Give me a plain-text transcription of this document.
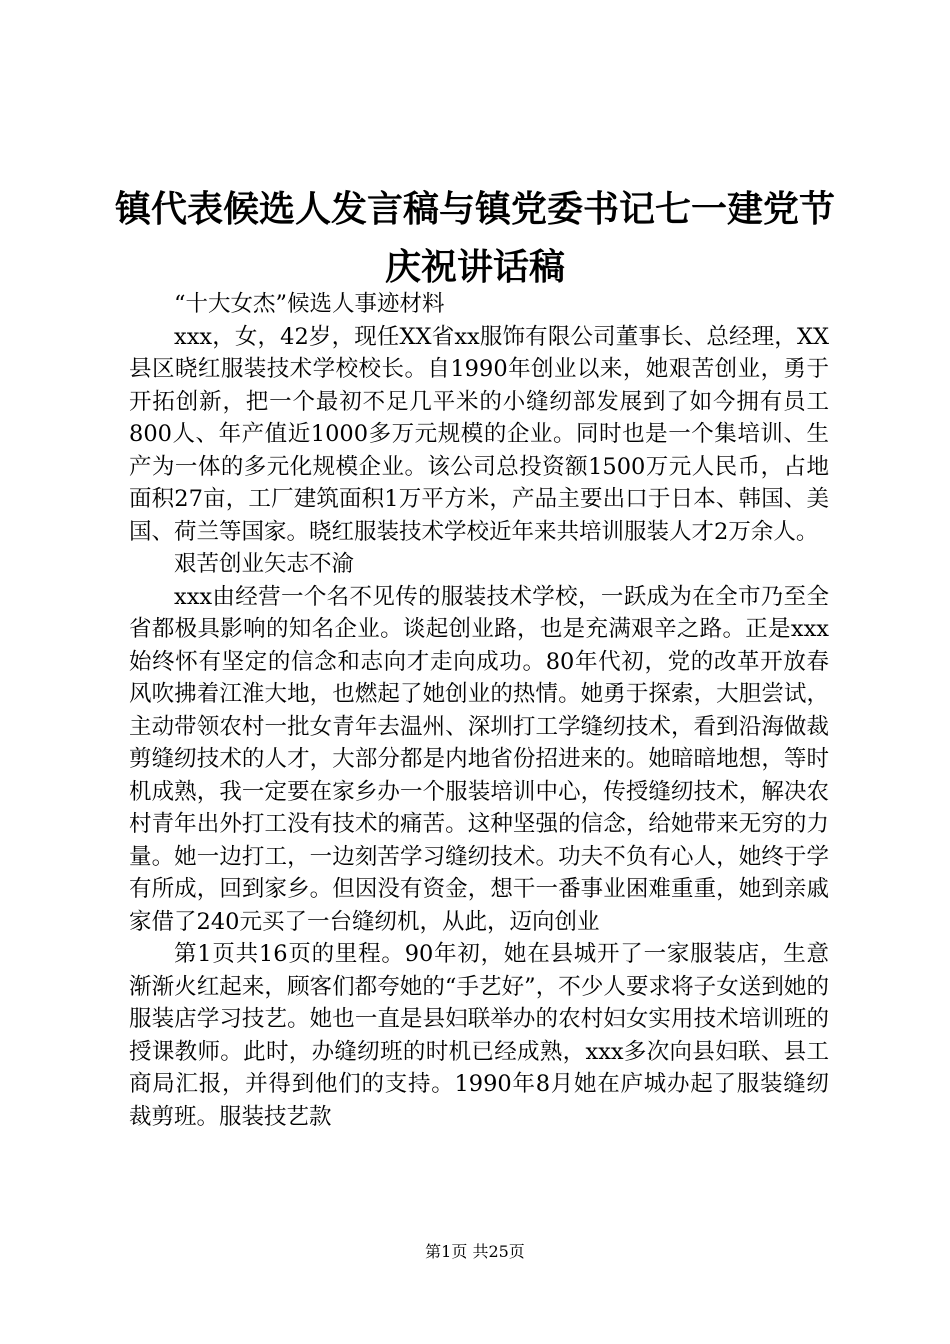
镇代表候选人发言稿与镇党委书记七一建党节
庆祝讲话稿

“十大女杰”候选人事迹材料

xxx，女，42岁，现任XX省xx服饰有限公司董事长、总经理，XX县区晓红服装技术学校校长。自1990年创业以来，她艰苦创业，勇于开拓创新，把一个最初不足几平米的小缝纫部发展到了如今拥有员工800人、年产值近1000多万元规模的企业。同时也是一个集培训、生产为一体的多元化规模企业。该公司总投资额1500万元人民币，占地面积27亩，工厂建筑面积1万平方米，产品主要出口于日本、韩国、美国、荷兰等国家。晓红服装技术学校近年来共培训服装人才2万余人。

艰苦创业矢志不渝

xxx由经营一个名不见传的服装技术学校，一跃成为在全市乃至全省都极具影响的知名企业。谈起创业路，也是充满艰辛之路。正是xxx始终怀有坚定的信念和志向才走向成功。80年代初，党的改革开放春风吹拂着江淮大地，也燃起了她创业的热情。她勇于探索，大胆尝试，主动带领农村一批女青年去温州、深圳打工学缝纫技术，看到沿海做裁剪缝纫技术的人才，大部分都是内地省份招进来的。她暗暗地想，等时机成熟，我一定要在家乡办一个服装培训中心，传授缝纫技术，解决农村青年出外打工没有技术的痛苦。这种坚强的信念，给她带来无穷的力量。她一边打工，一边刻苦学习缝纫技术。功夫不负有心人，她终于学有所成，回到家乡。但因没有资金，想干一番事业困难重重，她到亲戚家借了240元买了一台缝纫机，从此，迈向创业

第1页共16页的里程。90年初，她在县城开了一家服装店，生意渐渐火红起来，顾客们都夸她的“手艺好”，不少人要求将子女送到她的服装店学习技艺。她也一直是县妇联举办的农村妇女实用技术培训班的授课教师。此时，办缝纫班的时机已经成熟，xxx多次向县妇联、县工商局汇报，并得到他们的支持。1990年8月她在庐城办起了服装缝纫裁剪班。服装技艺款

第1页 共25页
